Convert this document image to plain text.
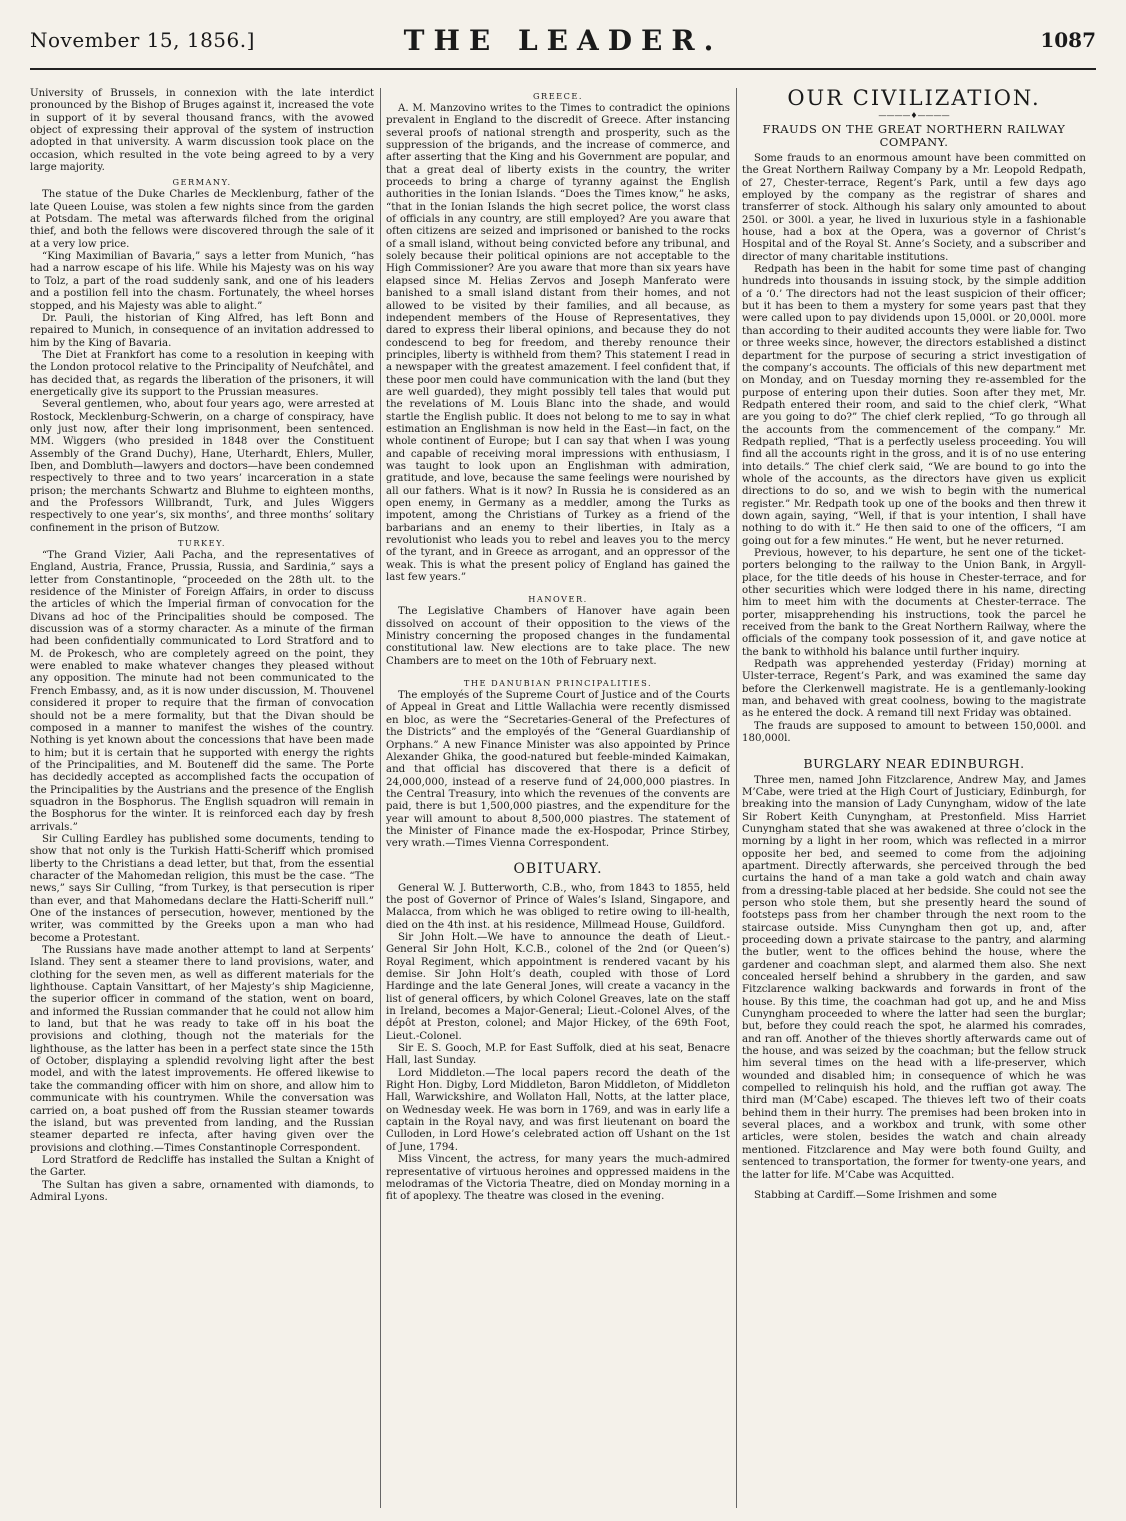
November 15, 1856.]	THE LEADER.	1087

University of Brussels, in connexion with the late interdict pronounced by the Bishop of Bruges against it, increased the vote in support of it by several thousand francs, with the avowed object of expressing their approval of the system of instruction adopted in that university. A warm discussion took place on the occasion, which resulted in the vote being agreed to by a very large majority.

GERMANY.

The statue of the Duke Charles de Mecklenburg, father of the late Queen Louise, was stolen a few nights since from the garden at Potsdam. The metal was afterwards filched from the original thief, and both the fellows were discovered through the sale of it at a very low price.

“King Maximilian of Bavaria,” says a letter from Munich, “has had a narrow escape of his life. While his Majesty was on his way to Tolz, a part of the road suddenly sank, and one of his leaders and a postilion fell into the chasm. Fortunately, the wheel horses stopped, and his Majesty was able to alight.”

Dr. Pauli, the historian of King Alfred, has left Bonn and repaired to Munich, in consequence of an invitation addressed to him by the King of Bavaria.

The Diet at Frankfort has come to a resolution in keeping with the London protocol relative to the Principality of Neufchâtel, and has decided that, as regards the liberation of the prisoners, it will energetically give its support to the Prussian measures.

Several gentlemen, who, about four years ago, were arrested at Rostock, Mecklenburg-Schwerin, on a charge of conspiracy, have only just now, after their long imprisonment, been sentenced. MM. Wiggers (who presided in 1848 over the Constituent Assembly of the Grand Duchy), Hane, Uterhardt, Ehlers, Muller, Iben, and Dombluth—lawyers and doctors—have been condemned respectively to three and to two years’ incarceration in a state prison; the merchants Schwartz and Bluhme to eighteen months, and the Professors Willbrandt, Turk, and Jules Wiggers respectively to one year’s, six months’, and three months’ solitary confinement in the prison of Butzow.

TURKEY.

“The Grand Vizier, Aali Pacha, and the representatives of England, Austria, France, Prussia, Russia, and Sardinia,” says a letter from Constantinople, “proceeded on the 28th ult. to the residence of the Minister of Foreign Affairs, in order to discuss the articles of which the Imperial firman of convocation for the Divans ad hoc of the Principalities should be composed. The discussion was of a stormy character. As a minute of the firman had been confidentially communicated to Lord Stratford and to M. de Prokesch, who are completely agreed on the point, they were enabled to make whatever changes they pleased without any opposition. The minute had not been communicated to the French Embassy, and, as it is now under discussion, M. Thouvenel considered it proper to require that the firman of convocation should not be a mere formality, but that the Divan should be composed in a manner to manifest the wishes of the country. Nothing is yet known about the concessions that have been made to him; but it is certain that he supported with energy the rights of the Principalities, and M. Bouteneff did the same. The Porte has decidedly accepted as accomplished facts the occupation of the Principalities by the Austrians and the presence of the English squadron in the Bosphorus. The English squadron will remain in the Bosphorus for the winter. It is reinforced each day by fresh arrivals.”

Sir Culling Eardley has published some documents, tending to show that not only is the Turkish Hatti-Scheriff which promised liberty to the Christians a dead letter, but that, from the essential character of the Mahomedan religion, this must be the case. “The news,” says Sir Culling, “from Turkey, is that persecution is riper than ever, and that Mahomedans declare the Hatti-Scheriff null.” One of the instances of persecution, however, mentioned by the writer, was committed by the Greeks upon a man who had become a Protestant.

The Russians have made another attempt to land at Serpents’ Island. They sent a steamer there to land provisions, water, and clothing for the seven men, as well as different materials for the lighthouse. Captain Vansittart, of her Majesty’s ship Magicienne, the superior officer in command of the station, went on board, and informed the Russian commander that he could not allow him to land, but that he was ready to take off in his boat the provisions and clothing, though not the materials for the lighthouse, as the latter has been in a perfect state since the 15th of October, displaying a splendid revolving light after the best model, and with the latest improvements. He offered likewise to take the commanding officer with him on shore, and allow him to communicate with his countrymen. While the conversation was carried on, a boat pushed off from the Russian steamer towards the island, but was prevented from landing, and the Russian steamer departed re infecta, after having given over the provisions and clothing.—Times Constantinople Correspondent.

Lord Stratford de Redcliffe has installed the Sultan a Knight of the Garter.

The Sultan has given a sabre, ornamented with diamonds, to Admiral Lyons.

GREECE.

A. M. Manzovino writes to the Times to contradict the opinions prevalent in England to the discredit of Greece. After instancing several proofs of national strength and prosperity, such as the suppression of the brigands, and the increase of commerce, and after asserting that the King and his Government are popular, and that a great deal of liberty exists in the country, the writer proceeds to bring a charge of tyranny against the English authorities in the Ionian Islands. “Does the Times know,” he asks, “that in the Ionian Islands the high secret police, the worst class of officials in any country, are still employed? Are you aware that often citizens are seized and imprisoned or banished to the rocks of a small island, without being convicted before any tribunal, and solely because their political opinions are not acceptable to the High Commissioner? Are you aware that more than six years have elapsed since M. Helias Zervos and Joseph Manferato were banished to a small island distant from their homes, and not allowed to be visited by their families, and all because, as independent members of the House of Representatives, they dared to express their liberal opinions, and because they do not condescend to beg for freedom, and thereby renounce their principles, liberty is withheld from them? This statement I read in a newspaper with the greatest amazement. I feel confident that, if these poor men could have communication with the land (but they are well guarded), they might possibly tell tales that would put the revelations of M. Louis Blanc into the shade, and would startle the English public. It does not belong to me to say in what estimation an Englishman is now held in the East—in fact, on the whole continent of Europe; but I can say that when I was young and capable of receiving moral impressions with enthusiasm, I was taught to look upon an Englishman with admiration, gratitude, and love, because the same feelings were nourished by all our fathers. What is it now? In Russia he is considered as an open enemy, in Germany as a meddler, among the Turks as impotent, among the Christians of Turkey as a friend of the barbarians and an enemy to their liberties, in Italy as a revolutionist who leads you to rebel and leaves you to the mercy of the tyrant, and in Greece as arrogant, and an oppressor of the weak. This is what the present policy of England has gained the last few years.”

HANOVER.

The Legislative Chambers of Hanover have again been dissolved on account of their opposition to the views of the Ministry concerning the proposed changes in the fundamental constitutional law. New elections are to take place. The new Chambers are to meet on the 10th of February next.

THE DANUBIAN PRINCIPALITIES.

The employés of the Supreme Court of Justice and of the Courts of Appeal in Great and Little Wallachia were recently dismissed en bloc, as were the “Secretaries-General of the Prefectures of the Districts” and the employés of the “General Guardianship of Orphans.” A new Finance Minister was also appointed by Prince Alexander Ghika, the good-natured but feeble-minded Kaimakan, and that official has discovered that there is a deficit of 24,000,000, instead of a reserve fund of 24,000,000 piastres. In the Central Treasury, into which the revenues of the convents are paid, there is but 1,500,000 piastres, and the expenditure for the year will amount to about 8,500,000 piastres. The statement of the Minister of Finance made the ex-Hospodar, Prince Stirbey, very wrath.—Times Vienna Correspondent.

OBITUARY.

General W. J. Butterworth, C.B., who, from 1843 to 1855, held the post of Governor of Prince of Wales’s Island, Singapore, and Malacca, from which he was obliged to retire owing to ill-health, died on the 4th inst. at his residence, Millmead House, Guildford.

Sir John Holt.—We have to announce the death of Lieut.-General Sir John Holt, K.C.B., colonel of the 2nd (or Queen’s) Royal Regiment, which appointment is rendered vacant by his demise. Sir John Holt’s death, coupled with those of Lord Hardinge and the late General Jones, will create a vacancy in the list of general officers, by which Colonel Greaves, late on the staff in Ireland, becomes a Major-General; Lieut.-Colonel Alves, of the dépôt at Preston, colonel; and Major Hickey, of the 69th Foot, Lieut.-Colonel.

Sir E. S. Gooch, M.P. for East Suffolk, died at his seat, Benacre Hall, last Sunday.

Lord Middleton.—The local papers record the death of the Right Hon. Digby, Lord Middleton, Baron Middleton, of Middleton Hall, Warwickshire, and Wollaton Hall, Notts, at the latter place, on Wednesday week. He was born in 1769, and was in early life a captain in the Royal navy, and was first lieutenant on board the Culloden, in Lord Howe’s celebrated action off Ushant on the 1st of June, 1794.

Miss Vincent, the actress, for many years the much-admired representative of virtuous heroines and oppressed maidens in the melodramas of the Victoria Theatre, died on Monday morning in a fit of apoplexy. The theatre was closed in the evening.

OUR CIVILIZATION.
————♦————
FRAUDS ON THE GREAT NORTHERN RAILWAY COMPANY.

Some frauds to an enormous amount have been committed on the Great Northern Railway Company by a Mr. Leopold Redpath, of 27, Chester-terrace, Regent’s Park, until a few days ago employed by the company as the registrar of shares and transferrer of stock. Although his salary only amounted to about 250l. or 300l. a year, he lived in luxurious style in a fashionable house, had a box at the Opera, was a governor of Christ’s Hospital and of the Royal St. Anne’s Society, and a subscriber and director of many charitable institutions.

Redpath has been in the habit for some time past of changing hundreds into thousands in issuing stock, by the simple addition of a ‘0.’ The directors had not the least suspicion of their officer; but it has been to them a mystery for some years past that they were called upon to pay dividends upon 15,000l. or 20,000l. more than according to their audited accounts they were liable for. Two or three weeks since, however, the directors established a distinct department for the purpose of securing a strict investigation of the company’s accounts. The officials of this new department met on Monday, and on Tuesday morning they re-assembled for the purpose of entering upon their duties. Soon after they met, Mr. Redpath entered their room, and said to the chief clerk, “What are you going to do?” The chief clerk replied, “To go through all the accounts from the commencement of the company.” Mr. Redpath replied, “That is a perfectly useless proceeding. You will find all the accounts right in the gross, and it is of no use entering into details.” The chief clerk said, “We are bound to go into the whole of the accounts, as the directors have given us explicit directions to do so, and we wish to begin with the numerical register.” Mr. Redpath took up one of the books and then threw it down again, saying, “Well, if that is your intention, I shall have nothing to do with it.” He then said to one of the officers, “I am going out for a few minutes.” He went, but he never returned.

Previous, however, to his departure, he sent one of the ticket-porters belonging to the railway to the Union Bank, in Argyll-place, for the title deeds of his house in Chester-terrace, and for other securities which were lodged there in his name, directing him to meet him with the documents at Chester-terrace. The porter, misapprehending his instructions, took the parcel he received from the bank to the Great Northern Railway, where the officials of the company took possession of it, and gave notice at the bank to withhold his balance until further inquiry.

Redpath was apprehended yesterday (Friday) morning at Ulster-terrace, Regent’s Park, and was examined the same day before the Clerkenwell magistrate. He is a gentlemanly-looking man, and behaved with great coolness, bowing to the magistrate as he entered the dock. A remand till next Friday was obtained.

The frauds are supposed to amount to between 150,000l. and 180,000l.

BURGLARY NEAR EDINBURGH.

Three men, named John Fitzclarence, Andrew May, and James M’Cabe, were tried at the High Court of Justiciary, Edinburgh, for breaking into the mansion of Lady Cunyngham, widow of the late Sir Robert Keith Cunyngham, at Prestonfield. Miss Harriet Cunyngham stated that she was awakened at three o’clock in the morning by a light in her room, which was reflected in a mirror opposite her bed, and seemed to come from the adjoining apartment. Directly afterwards, she perceived through the bed curtains the hand of a man take a gold watch and chain away from a dressing-table placed at her bedside. She could not see the person who stole them, but she presently heard the sound of footsteps pass from her chamber through the next room to the staircase outside. Miss Cunyngham then got up, and, after proceeding down a private staircase to the pantry, and alarming the butler, went to the offices behind the house, where the gardener and coachman slept, and alarmed them also. She next concealed herself behind a shrubbery in the garden, and saw Fitzclarence walking backwards and forwards in front of the house. By this time, the coachman had got up, and he and Miss Cunyngham proceeded to where the latter had seen the burglar; but, before they could reach the spot, he alarmed his comrades, and ran off. Another of the thieves shortly afterwards came out of the house, and was seized by the coachman; but the fellow struck him several times on the head with a life-preserver, which wounded and disabled him; in consequence of which he was compelled to relinquish his hold, and the ruffian got away. The third man (M’Cabe) escaped. The thieves left two of their coats behind them in their hurry. The premises had been broken into in several places, and a workbox and trunk, with some other articles, were stolen, besides the watch and chain already mentioned. Fitzclarence and May were both found Guilty, and sentenced to transportation, the former for twenty-one years, and the latter for life. M’Cabe was Acquitted.

Stabbing at Cardiff.—Some Irishmen and some
